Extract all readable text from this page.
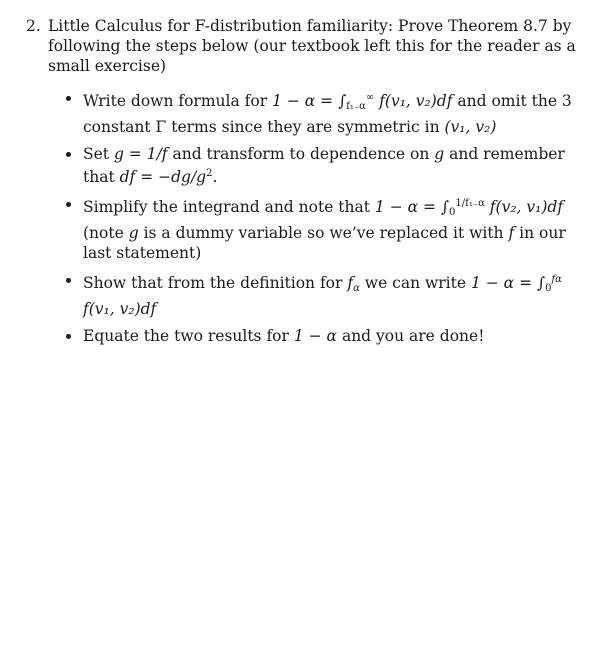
2. Little Calculus for F-distribution familiarity: Prove Theorem 8.7 by following the steps below (our textbook left this for the reader as a small exercise)
Write down formula for $1 - \alpha = \int_{f_{1-}\alpha}^\infty$ f(v₁, v₂)df and omit the 3 constant Γ terms since they are symmetric in (v₁, v₂)
Set g = 1/f and transform to dependence on g and remember that df = $-dg/g^2$.
Simplify the integrand and note that $1 - \alpha = \int_0^{1/f_{1-}\alpha}$ f(v₂, v₁)df (note g is a dummy variable so we’ve replaced it with f in our last statement)
Show that from the definition for $f_\alpha$ we can write $1 - \alpha = \int_0^{f\alpha}$ f(v₁, v₂)df
Equate the two results for 1 − α and you are done!
